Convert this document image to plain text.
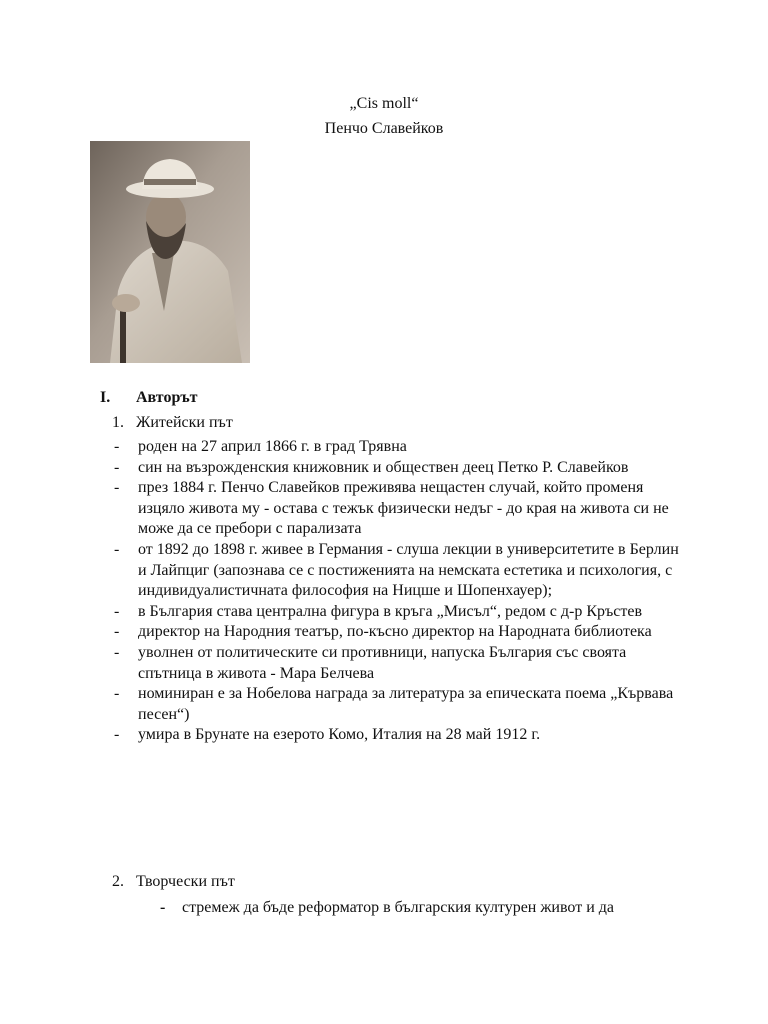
„Cis moll“
Пенчо Славейков
I. Авторът
1. Житейски път
- роден на 27 април 1866 г. в град Трявна
- син на възрожденския книжовник и обществен деец Петко Р. Славейков
- през 1884 г. Пенчо Славейков преживява нещастен случай, който променя изцяло живота му - остава с тежък физически недъг - до края на живота си не може да се пребори с парализата
- от 1892 до 1898 г. живее в Германия - слуша лекции в университетите в Берлин и Лайпциг (запознава се с постиженията на немската естетика и психология, с индивидуалистичната философия на Ницше и Шопенхауер);
- в България става централна фигура в кръга „Мисъл“, редом с д-р Кръстев
- директор на Народния театър, по-късно директор на Народната библиотека
- уволнен от политическите си противници, напуска България със своята спътница в живота - Мара Белчева
- номиниран е за Нобелова награда за литература за епическата поема „Кървава песен“)
- умира в Брунате на езерото Комо, Италия на 28 май 1912 г.
2. Творчески път
- стремеж да бъде реформатор в българския културен живот и да
